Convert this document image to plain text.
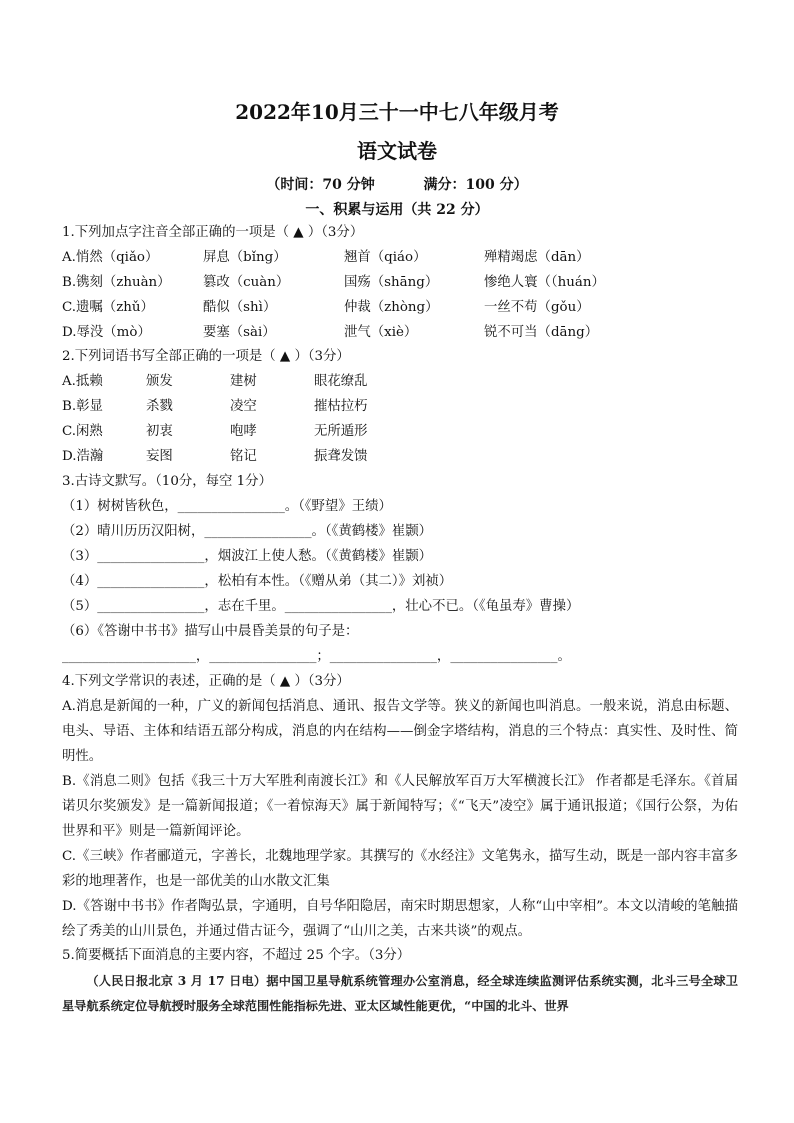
2022年10月三十一中七八年级月考
语文试卷
（时间：70 分钟          满分：100 分）
一、积累与运用（共 22 分）
1.下列加点字注音全部正确的一项是（ ▲ ）（3分）
A.悄然（qiǎo）	屏息（bǐng）	翘首（qiáo）	殚精竭虑（dān）
B.镌刻（zhuàn） 篡改（cuàn）	国殇（shāng）	惨绝人寰（（huán）
C.遗嘱（zhǔ）	酷似（shì）	仲裁（zhòng）	一丝不苟（gǒu）
D.辱没（mò）	要塞（sài）	泄气（xiè）	锐不可当（dāng）
2.下列词语书写全部正确的一项是（ ▲ ）（3分）
A.抵赖	颁发	建树	眼花缭乱
B.彰显	杀戮	凌空	摧枯拉朽
C.闲熟	初衷	咆哮	无所遁形
D.浩瀚	妄图	铭记	振聋发馈
3.古诗文默写。（10分，每空 1分）
（1）树树皆秋色，________________。（《野望》王绩）
（2）晴川历历汉阳树，________________。（《黄鹤楼》崔颢）
（3）________________，烟波江上使人愁。（《黄鹤楼》崔颢）
（4）________________，松柏有本性。（《赠从弟（其二）》刘祯）
（5）________________，志在千里。________________，壮心不已。（《龟虽寿》曹操）
（6）《答谢中书书》描写山中晨昏美景的句子是：
____________________，________________；________________，________________。
4.下列文学常识的表述，正确的是（ ▲ ）（3分）
A.消息是新闻的一种，广义的新闻包括消息、通讯、报告文学等。狭义的新闻也叫消息。一般来说，消息由标题、电头、导语、主体和结语五部分构成，消息的内在结构——倒金字塔结构，消息的三个特点：真实性、及时性、简明性。
B.《消息二则》包括《我三十万大军胜利南渡长江》和《人民解放军百万大军横渡长江》 作者都是毛泽东。《首届诺贝尔奖颁发》是一篇新闻报道；《一着惊海天》属于新闻特写；《“飞天”凌空》属于通讯报道；《国行公祭，为佑世界和平》则是一篇新闻评论。
C.《三峡》作者郦道元，字善长，北魏地理学家。其撰写的《水经注》文笔隽永，描写生动，既是一部内容丰富多彩的地理著作，也是一部优美的山水散文汇集
D.《答谢中书书》作者陶弘景，字通明，自号华阳隐居，南宋时期思想家，人称“山中宰相”。本文以清峻的笔触描绘了秀美的山川景色，并通过借古证今，强调了“山川之美，古来共谈”的观点。
5.简要概括下面消息的主要内容，不超过 25 个字。（3分）
（人民日报北京 3 月 17 日电）据中国卫星导航系统管理办公室消息，经全球连续监测评估系统实测，北斗三号全球卫星导航系统定位导航授时服务全球范围性能指标先进、亚太区域性能更优，“中国的北斗、世界
